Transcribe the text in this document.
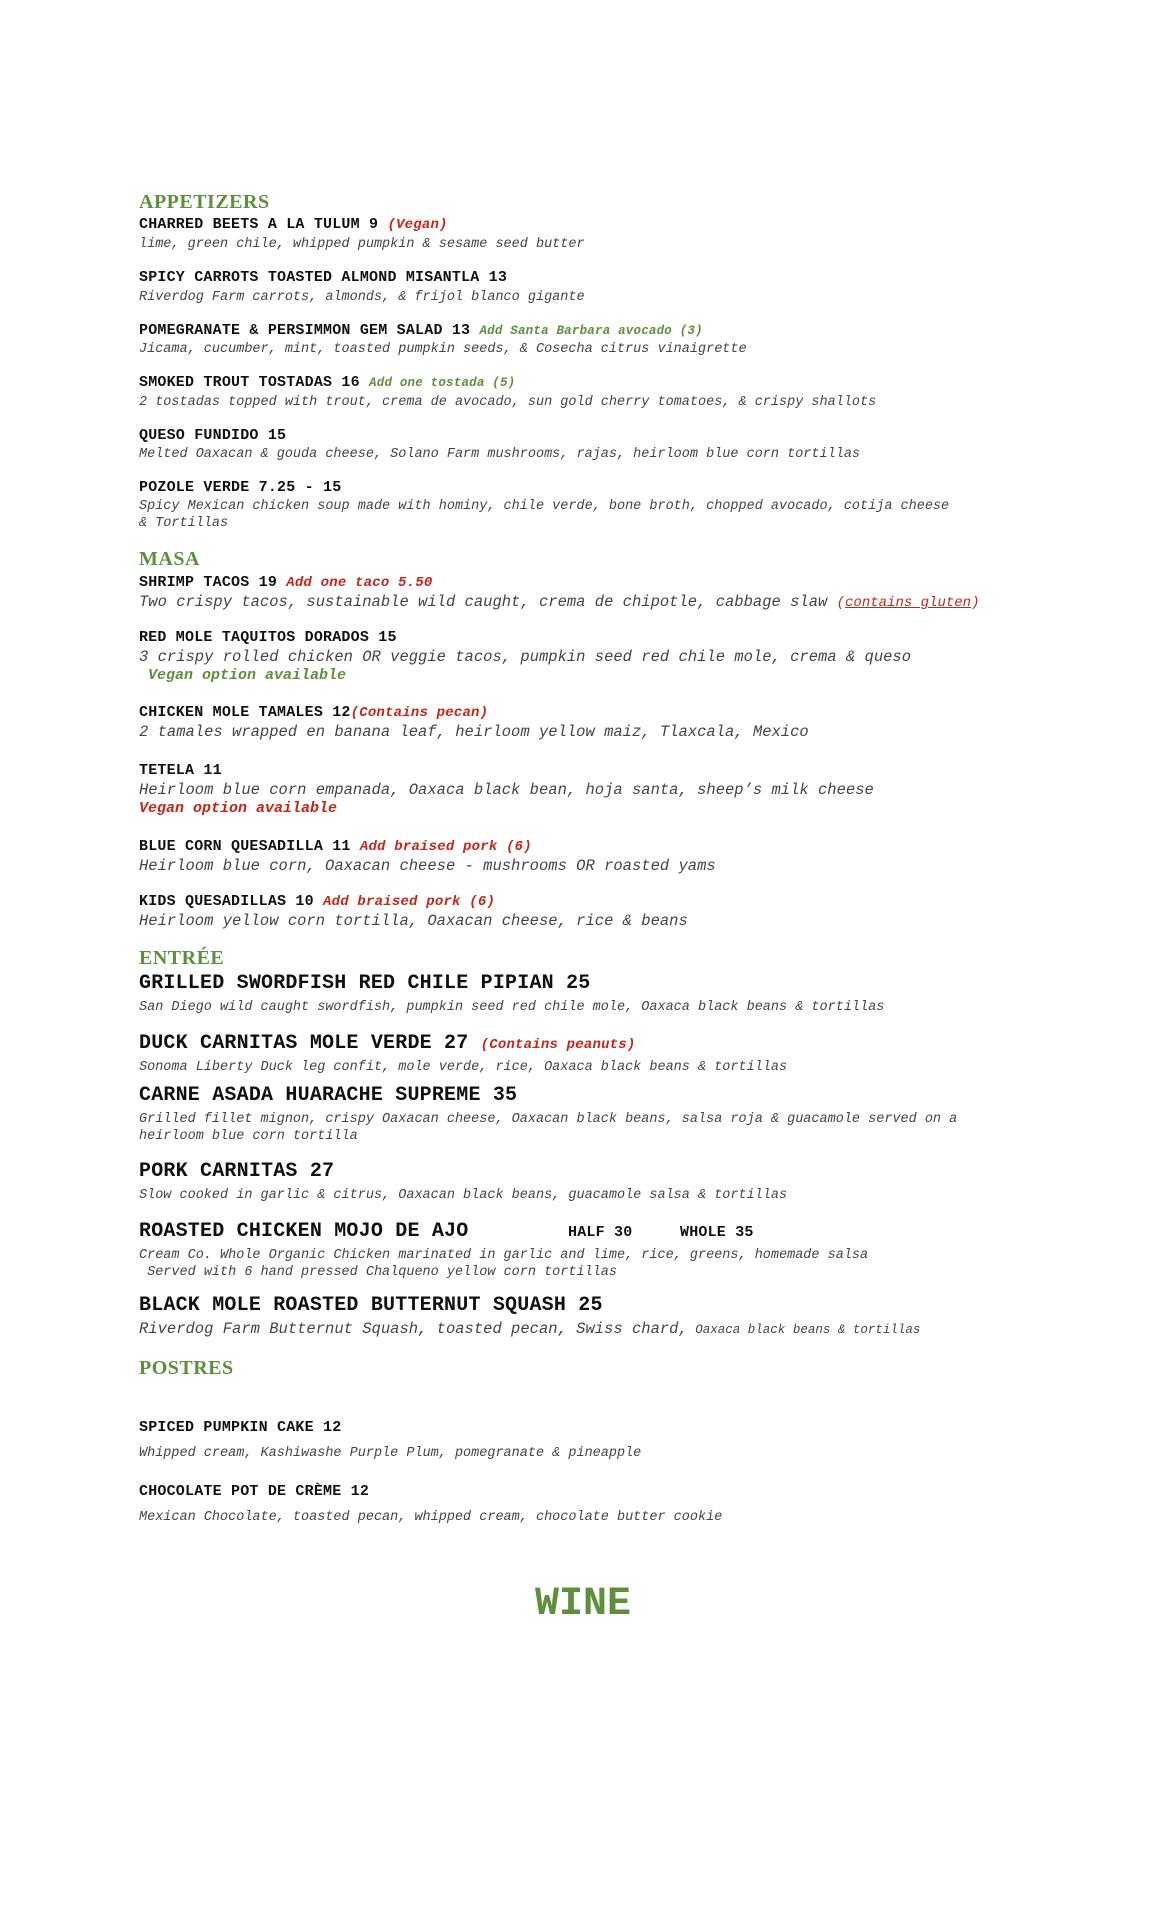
APPETIZERS
CHARRED BEETS A LA TULUM 9 (Vegan)
lime, green chile, whipped pumpkin & sesame seed butter
SPICY CARROTS TOASTED ALMOND MISANTLA 13
Riverdog Farm carrots, almonds, & frijol blanco gigante
POMEGRANATE & PERSIMMON GEM SALAD 13 Add Santa Barbara avocado (3)
Jicama, cucumber, mint, toasted pumpkin seeds, & Cosecha citrus vinaigrette
SMOKED TROUT TOSTADAS 16 Add one tostada (5)
2 tostadas topped with trout, crema de avocado, sun gold cherry tomatoes, & crispy shallots
QUESO FUNDIDO 15
Melted Oaxacan & gouda cheese, Solano Farm mushrooms, rajas, heirloom blue corn tortillas
POZOLE VERDE 7.25 - 15
Spicy Mexican chicken soup made with hominy, chile verde, bone broth, chopped avocado, cotija cheese
& Tortillas
MASA
SHRIMP TACOS 19 Add one taco 5.50
Two crispy tacos, sustainable wild caught, crema de chipotle, cabbage slaw (contains gluten)
RED MOLE TAQUITOS DORADOS 15
3 crispy rolled chicken OR veggie tacos, pumpkin seed red chile mole, crema & queso
Vegan option available
CHICKEN MOLE TAMALES 12(Contains pecan)
2 tamales wrapped en banana leaf, heirloom yellow maiz, Tlaxcala, Mexico
TETELA 11
Heirloom blue corn empanada, Oaxaca black bean, hoja santa, sheep’s milk cheese
Vegan option available
BLUE CORN QUESADILLA 11 Add braised pork (6)
Heirloom blue corn, Oaxacan cheese - mushrooms OR roasted yams
KIDS QUESADILLAS 10 Add braised pork (6)
Heirloom yellow corn tortilla, Oaxacan cheese, rice & beans
ENTRÉE
GRILLED SWORDFISH RED CHILE PIPIAN 25
San Diego wild caught swordfish, pumpkin seed red chile mole, Oaxaca black beans & tortillas
DUCK CARNITAS MOLE VERDE 27 (Contains peanuts)
Sonoma Liberty Duck leg confit, mole verde, rice, Oaxaca black beans & tortillas
CARNE ASADA HUARACHE SUPREME 35
Grilled fillet mignon, crispy Oaxacan cheese, Oaxacan black beans, salsa roja & guacamole served on a
heirloom blue corn tortilla
PORK CARNITAS 27
Slow cooked in garlic & citrus, Oaxacan black beans, guacamole salsa & tortillas
ROASTED CHICKEN MOJO DE AJO	HALF 30	WHOLE 35
Cream Co. Whole Organic Chicken marinated in garlic and lime, rice, greens, homemade salsa
Served with 6 hand pressed Chalqueno yellow corn tortillas
BLACK MOLE ROASTED BUTTERNUT SQUASH 25
Riverdog Farm Butternut Squash, toasted pecan, Swiss chard, Oaxaca black beans & tortillas
POSTRES
SPICED PUMPKIN CAKE 12
Whipped cream, Kashiwashe Purple Plum, pomegranate & pineapple
CHOCOLATE POT DE CRÈME 12
Mexican Chocolate, toasted pecan, whipped cream, chocolate butter cookie
WINE
